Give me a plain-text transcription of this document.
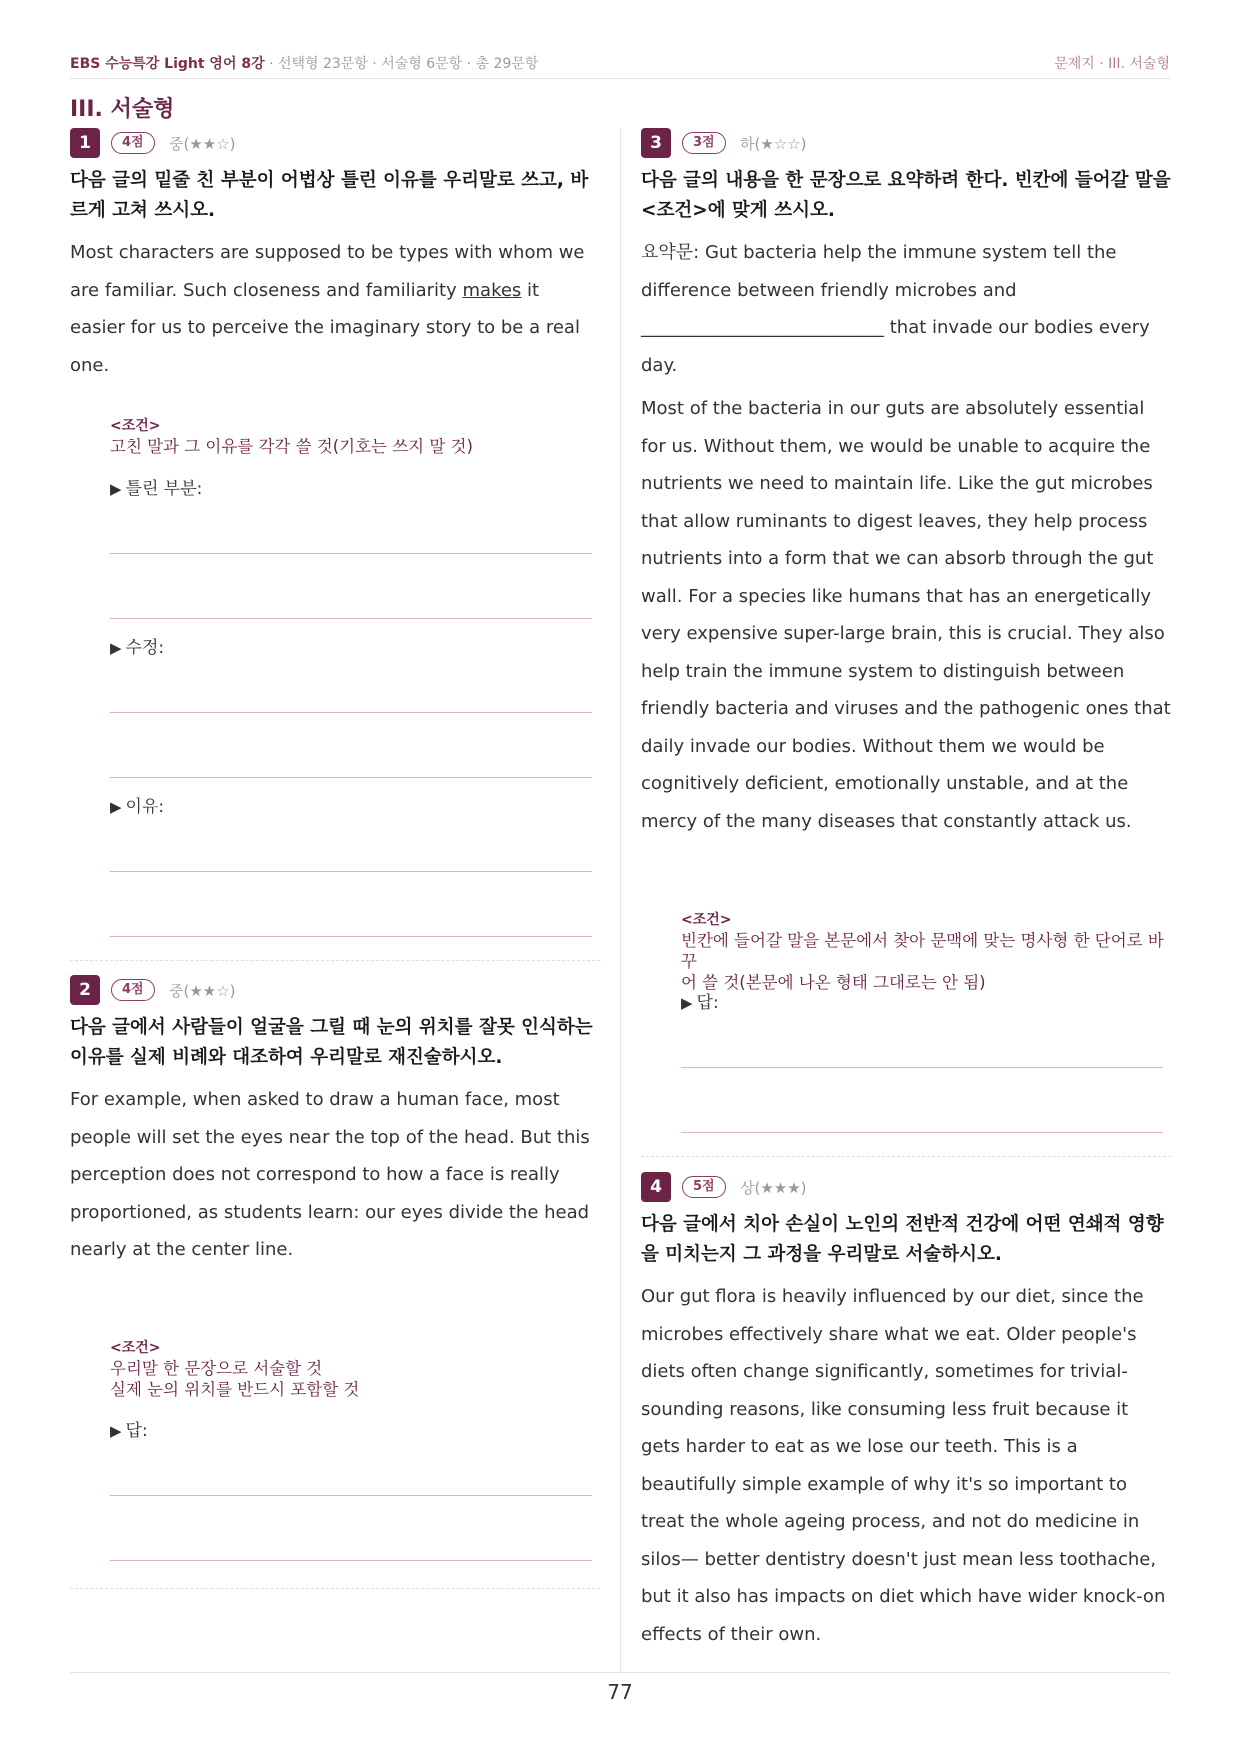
EBS 수능특강 Light 영어 8강 · 선택형 23문항 · 서술형 6문항 · 총 29문항	문제지 · III. 서술형
III. 서술형
1	4점	중(★★☆)

다음 글의 밑줄 친 부분이 어법상 틀린 이유를 우리말로 쓰고, 바르게 고쳐 쓰시오.

Most characters are supposed to be types with whom we are familiar. Such closeness and familiarity makes it easier for us to perceive the imaginary story to be a real one.

<조건>
고친 말과 그 이유를 각각 쓸 것(기호는 쓰지 말 것)
▶ 틀린 부분:
▶ 수정:
▶ 이유:
2	4점	중(★★☆)

다음 글에서 사람들이 얼굴을 그릴 때 눈의 위치를 잘못 인식하는 이유를 실제 비례와 대조하여 우리말로 재진술하시오.

For example, when asked to draw a human face, most people will set the eyes near the top of the head. But this perception does not correspond to how a face is really proportioned, as students learn: our eyes divide the head nearly at the center line.

<조건>
우리말 한 문장으로 서술할 것
실제 눈의 위치를 반드시 포함할 것
▶ 답:
3	3점	하(★☆☆)

다음 글의 내용을 한 문장으로 요약하려 한다. 빈칸에 들어갈 말을 <조건>에 맞게 쓰시오.

요약문: Gut bacteria help the immune system tell the
difference between friendly microbes and
___________________________ that invade our bodies every
day.

Most of the bacteria in our guts are absolutely essential for us. Without them, we would be unable to acquire the nutrients we need to maintain life. Like the gut microbes that allow ruminants to digest leaves, they help process nutrients into a form that we can absorb through the gut wall. For a species like humans that has an energetically very expensive super-large brain, this is crucial. They also help train the immune system to distinguish between friendly bacteria and viruses and the pathogenic ones that daily invade our bodies. Without them we would be cognitively deficient, emotionally unstable, and at the mercy of the many diseases that constantly attack us.

<조건>
빈칸에 들어갈 말을 본문에서 찾아 문맥에 맞는 명사형 한 단어로 바꾸
어 쓸 것(본문에 나온 형태 그대로는 안 됨)
▶ 답:
4	5점	상(★★★)

다음 글에서 치아 손실이 노인의 전반적 건강에 어떤 연쇄적 영향을 미치는지 그 과정을 우리말로 서술하시오.

Our gut flora is heavily influenced by our diet, since the microbes effectively share what we eat. Older people's diets often change significantly, sometimes for trivial-sounding reasons, like consuming less fruit because it gets harder to eat as we lose our teeth. This is a beautifully simple example of why it's so important to treat the whole ageing process, and not do medicine in silos— better dentistry doesn't just mean less toothache, but it also has impacts on diet which have wider knock-on effects of their own.

77
